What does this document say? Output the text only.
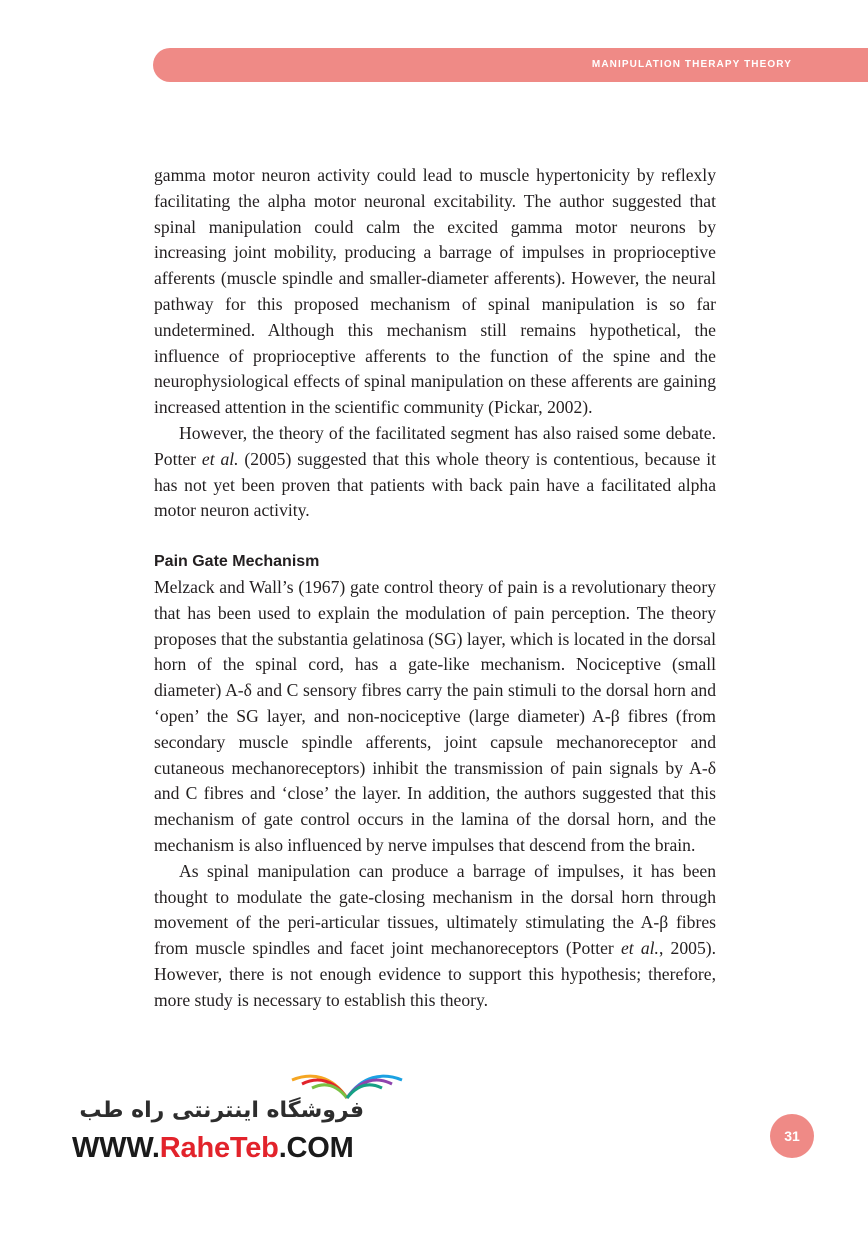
MANIPULATION THERAPY THEORY

gamma motor neuron activity could lead to muscle hypertonicity by reflexly facilitating the alpha motor neuronal excitability. The author suggested that spinal manipulation could calm the excited gamma motor neurons by increasing joint mobility, producing a barrage of impulses in proprioceptive afferents (muscle spindle and smaller-diameter afferents). However, the neural pathway for this proposed mechanism of spinal manipulation is so far undetermined. Although this mechanism still remains hypothetical, the influence of proprioceptive afferents to the function of the spine and the neurophysiological effects of spinal manipulation on these afferents are gaining increased attention in the scientific community (Pickar, 2002).

However, the theory of the facilitated segment has also raised some debate. Potter et al. (2005) suggested that this whole theory is contentious, because it has not yet been proven that patients with back pain have a facilitated alpha motor neuron activity.

Pain Gate Mechanism

Melzack and Wall’s (1967) gate control theory of pain is a revolutionary theory that has been used to explain the modulation of pain perception. The theory proposes that the substantia gelatinosa (SG) layer, which is located in the dorsal horn of the spinal cord, has a gate-like mechanism. Nociceptive (small diameter) A-δ and C sensory fibres carry the pain stimuli to the dorsal horn and ‘open’ the SG layer, and non-nociceptive (large diameter) A-β fibres (from secondary muscle spindle afferents, joint capsule mechanoreceptor and cutaneous mechanoreceptors) inhibit the transmission of pain signals by A-δ and C fibres and ‘close’ the layer. In addition, the authors suggested that this mechanism of gate control occurs in the lamina of the dorsal horn, and the mechanism is also influenced by nerve impulses that descend from the brain.

As spinal manipulation can produce a barrage of impulses, it has been thought to modulate the gate-closing mechanism in the dorsal horn through movement of the peri-articular tissues, ultimately stimulating the A-β fibres from muscle spindles and facet joint mechanoreceptors (Potter et al., 2005). However, there is not enough evidence to support this hypothesis; therefore, more study is necessary to establish this theory.

31
فروشگاه اینترنتی راه طب
WWW.RaheTeb.COM
